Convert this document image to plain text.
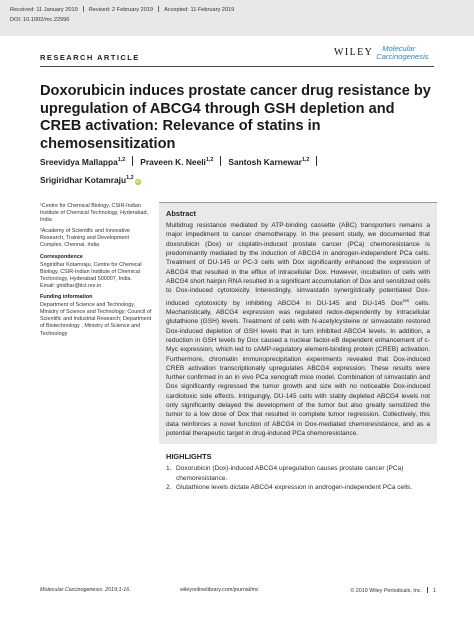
Received: 11 January 2019 Revised: 2 February 2019 Accepted: 11 February 2019
DOI: 10.1002/mc.22996
RESEARCH ARTICLE	WILEY	Molecular
Carcinogenesis
Doxorubicin induces prostate cancer drug resistance by upregulation of ABCG4 through GSH depletion and CREB activation: Relevance of statins in chemosensitization
Sreevidya Mallappa$^{1,2}$ Praveen K. Neeli$^{1,2}$ Santosh Karnewar$^{1,2}$
Srigiridhar Kotamraju$^{1,2}$iD

¹Centre for Chemical Biology, CSIR-Indian Institute of Chemical Technology, Hyderabad, India

²Academy of Scientific and Innovative Research, Training and Development Complex, Chennai, India

Correspondence

Srigiridhar Kotamraju, Centre for Chemical Biology, CSIR-Indian Institute of Chemical Technology, Hyderabad 500007, India.

Email: giridhar@iict.res.in

Funding information

Department of Science and Technology, Ministry of Science and Technology; Council of Scientific and Industrial Research; Department of Biotechnology , Ministry of Science and Technology

Abstract

Multidrug resistance mediated by ATP-binding cassette (ABC) transporters remains a major impediment to cancer chemotherapy. In the present study, we documented that doxorubicin (Dox) or cisplatin-induced prostate cancer (PCa) chemoresistance is predominantly mediated by the induction of ABCG4 in androgen-independent PCa cells. Treatment of DU-145 or PC-3 cells with Dox significantly enhanced the expression of ABCG4 that resulted in the efflux of intracellular Dox. However, incubation of cells with ABCG4 short hairpin RNA resulted in a significant accumulation of Dox and sensitized cells to Dox-induced cytotoxicity. Interestingly, simvastatin synergistically potentiated Dox-induced cytotoxicity by inhibiting ABCG4 in DU-145 and DU-145 Dox$^{res}$ cells. Mechanistically, ABCG4 expression was regulated redox-dependently by intracellular glutathione (GSH) levels. Treatment of cells with N-acetylcysteine or simvastatin restored Dox-induced depletion of GSH levels that in turn inhibited ABCG4 levels. In addition, a reduction in GSH levels by Dox caused a nuclear factor-κB dependent enhancement of c-Myc expression, which led to cAMP-regulatory element-binding protein (CREB) activation. Furthermore, chromatin immunoprecipitation experiments revealed that Dox-induced CREB activation transcriptionally upregulates ABCG4 expression. These results were further confirmed in an in vivo PCa xenograft mice model. Combination of simvastatin and Dox significantly regressed the tumor growth and size with no noticeable Dox-induced cardiotoxic side effects. Intriguingly, DU-145 cells with stably depleted ABCG4 levels not only significantly delayed the development of the tumor but also greatly sensitized the tumor to a low dose of Dox that resulted in complete tumor regression. Collectively, this data reinforces a novel function of ABCG4 in Dox-mediated chemoresistance, and as a potential therapeutic target in drug-induced PCa chemoresistance.

HIGHLIGHTS
1. Doxorubicin (Dox)-induced ABCG4 upregulation causes prostate cancer (PCa) chemoresistance.
2. Glutathione levels dictate ABCG4 expression in androgen-independent PCa cells.
Molecular Carcinogenesis. 2019;1-16.	wileyonlinelibrary.com/journal/mc	© 2019 Wiley Periodicals, Inc. 1
